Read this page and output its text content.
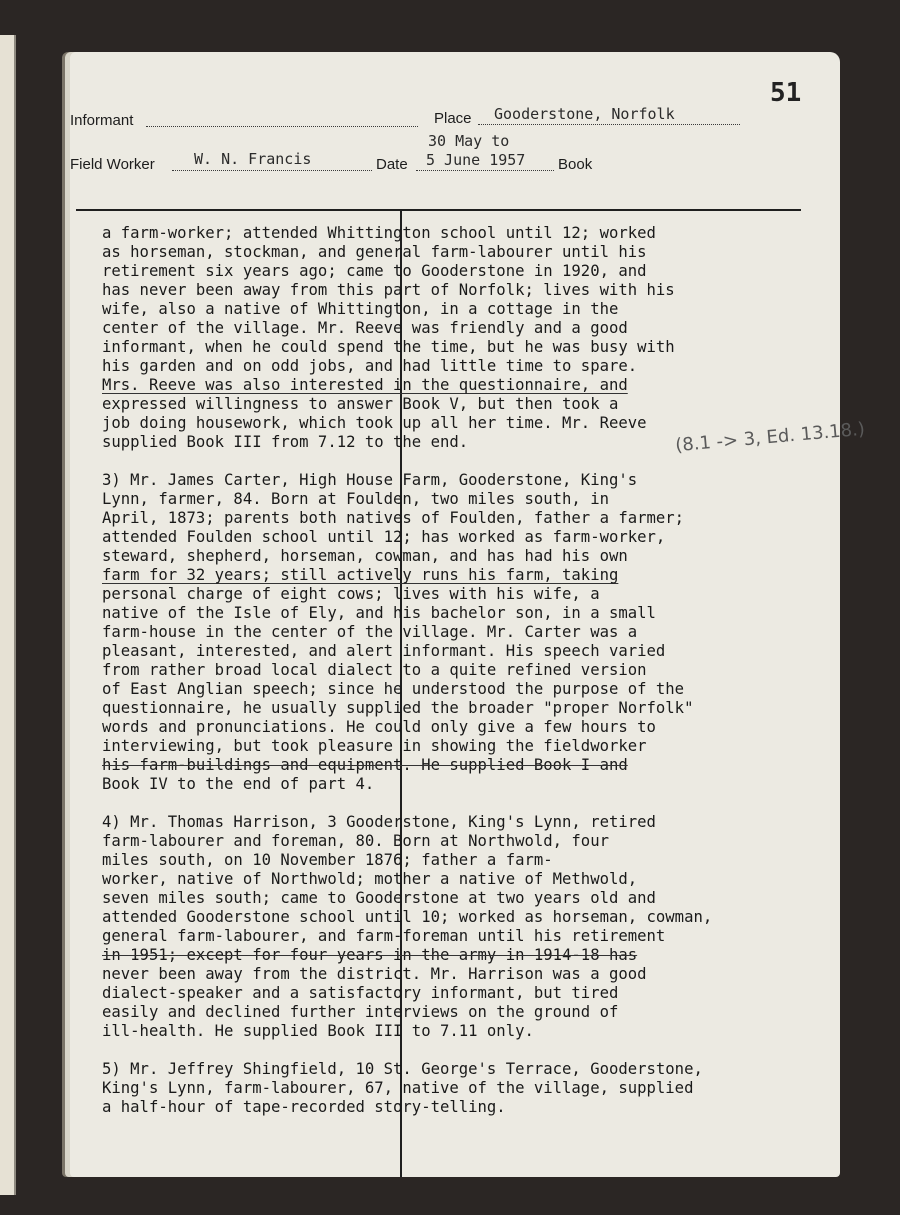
51
Informant	Place Gooderstone, Norfolk
30 May to
Field Worker	W. N. Francis	Date 5 June 1957 Book
a farm-worker; attended Whittington school until 12; worked
as horseman, stockman, and general farm-labourer until his
retirement six years ago; came to Gooderstone in 1920, and
has never been away from this part of Norfolk; lives with his
wife, also a native of Whittington, in a cottage in the
center of the village. Mr. Reeve was friendly and a good
informant, when he could spend the time, but he was busy with
his garden and on odd jobs, and had little time to spare.
Mrs. Reeve was also interested in the questionnaire, and
expressed willingness to answer Book V, but then took a
job doing housework, which took up all her time. Mr. Reeve
supplied Book III from 7.12 to the end.
3) Mr. James Carter, High House Farm, Gooderstone, King's
Lynn, farmer, 84. Born at Foulden, two miles south, in
April, 1873; parents both natives of Foulden, father a farmer;
attended Foulden school until 12; has worked as farm-worker,
steward, shepherd, horseman, cowman, and has had his own
farm for 32 years; still actively runs his farm, taking
personal charge of eight cows; lives with his wife, a
native of the Isle of Ely, and his bachelor son, in a small
farm-house in the center of the village. Mr. Carter was a
pleasant, interested, and alert informant. His speech varied
from rather broad local dialect to a quite refined version
of East Anglian speech; since he understood the purpose of the
questionnaire, he usually supplied the broader "proper Norfolk"
words and pronunciations. He could only give a few hours to
interviewing, but took pleasure in showing the fieldworker
his farm-buildings and equipment. He supplied Book I and
Book IV to the end of part 4.
4) Mr. Thomas Harrison, 3 Gooderstone, King's Lynn, retired
farm-labourer and foreman, 80. Born at Northwold, four
miles south, on 10 November 1876; father a farm-
worker, native of Northwold; mother a native of Methwold,
seven miles south; came to Gooderstone at two years old and
attended Gooderstone school until 10; worked as horseman, cowman,
general farm-labourer, and farm-foreman until his retirement
in 1951; except for four years in the army in 1914-18 has
never been away from the district. Mr. Harrison was a good
dialect-speaker and a satisfactory informant, but tired
easily and declined further interviews on the ground of
ill-health. He supplied Book III to 7.11 only.
5) Mr. Jeffrey Shingfield, 10 St. George's Terrace, Gooderstone,
King's Lynn, farm-labourer, 67, native of the village, supplied
a half-hour of tape-recorded story-telling.
(8.1 -> 3, Ed. 13.18.)
